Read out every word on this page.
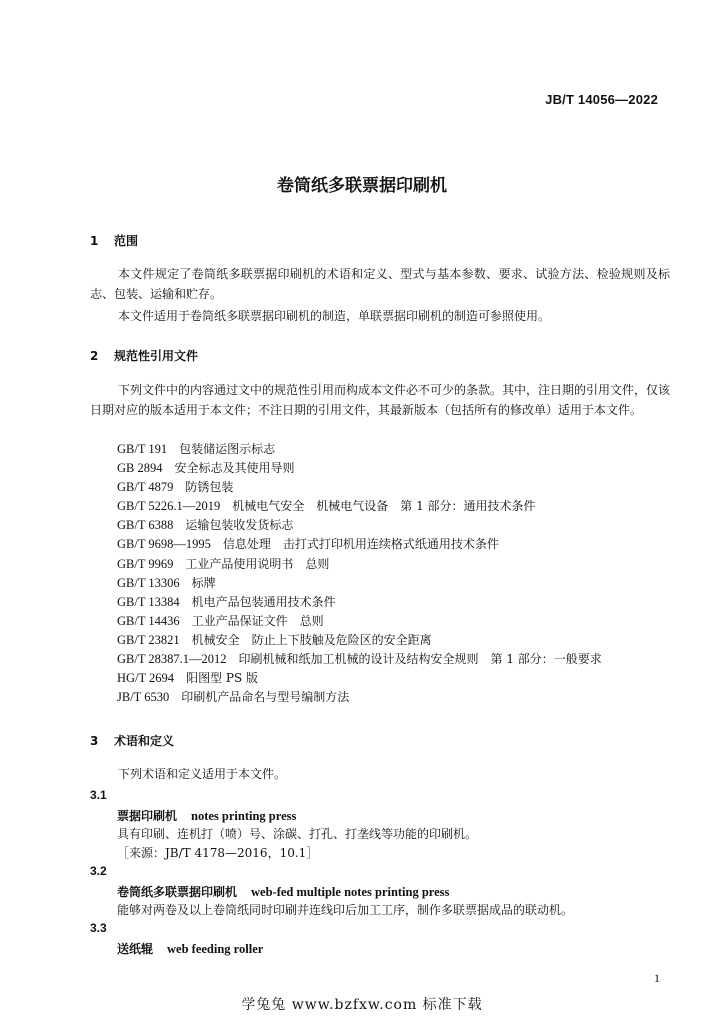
JB/T 14056—2022
卷筒纸多联票据印刷机
1 范围

本文件规定了卷筒纸多联票据印刷机的术语和定义、型式与基本参数、要求、试验方法、检验规则及标志、包装、运输和贮存。

本文件适用于卷筒纸多联票据印刷机的制造，单联票据印刷机的制造可参照使用。

2 规范性引用文件

下列文件中的内容通过文中的规范性引用而构成本文件必不可少的条款。其中，注日期的引用文件，仅该日期对应的版本适用于本文件；不注日期的引用文件，其最新版本（包括所有的修改单）适用于本文件。

GB/T 191 包装储运图示标志
GB 2894 安全标志及其使用导则
GB/T 4879 防锈包装
GB/T 5226.1—2019 机械电气安全　机械电气设备　第 1 部分：通用技术条件
GB/T 6388 运输包装收发货标志
GB/T 9698—1995 信息处理　击打式打印机用连续格式纸通用技术条件
GB/T 9969 工业产品使用说明书　总则
GB/T 13306 标牌
GB/T 13384 机电产品包装通用技术条件
GB/T 14436 工业产品保证文件　总则
GB/T 23821 机械安全　防止上下肢触及危险区的安全距离
GB/T 28387.1—2012 印刷机械和纸加工机械的设计及结构安全规则　第 1 部分：一般要求
HG/T 2694 阳图型 PS 版
JB/T 6530 印刷机产品命名与型号编制方法
3 术语和定义

下列术语和定义适用于本文件。

3.1
票据印刷机 notes printing press
具有印刷、连机打（喷）号、涂碳、打孔、打垄线等功能的印刷机。
［来源：JB/T 4178—2016，10.1］
3.2
卷筒纸多联票据印刷机 web-fed multiple notes printing press
能够对两卷及以上卷筒纸同时印刷并连线印后加工工序，制作多联票据成品的联动机。
3.3
送纸辊 web feeding roller
1
学兔兔 www.bzfxw.com 标准下载
